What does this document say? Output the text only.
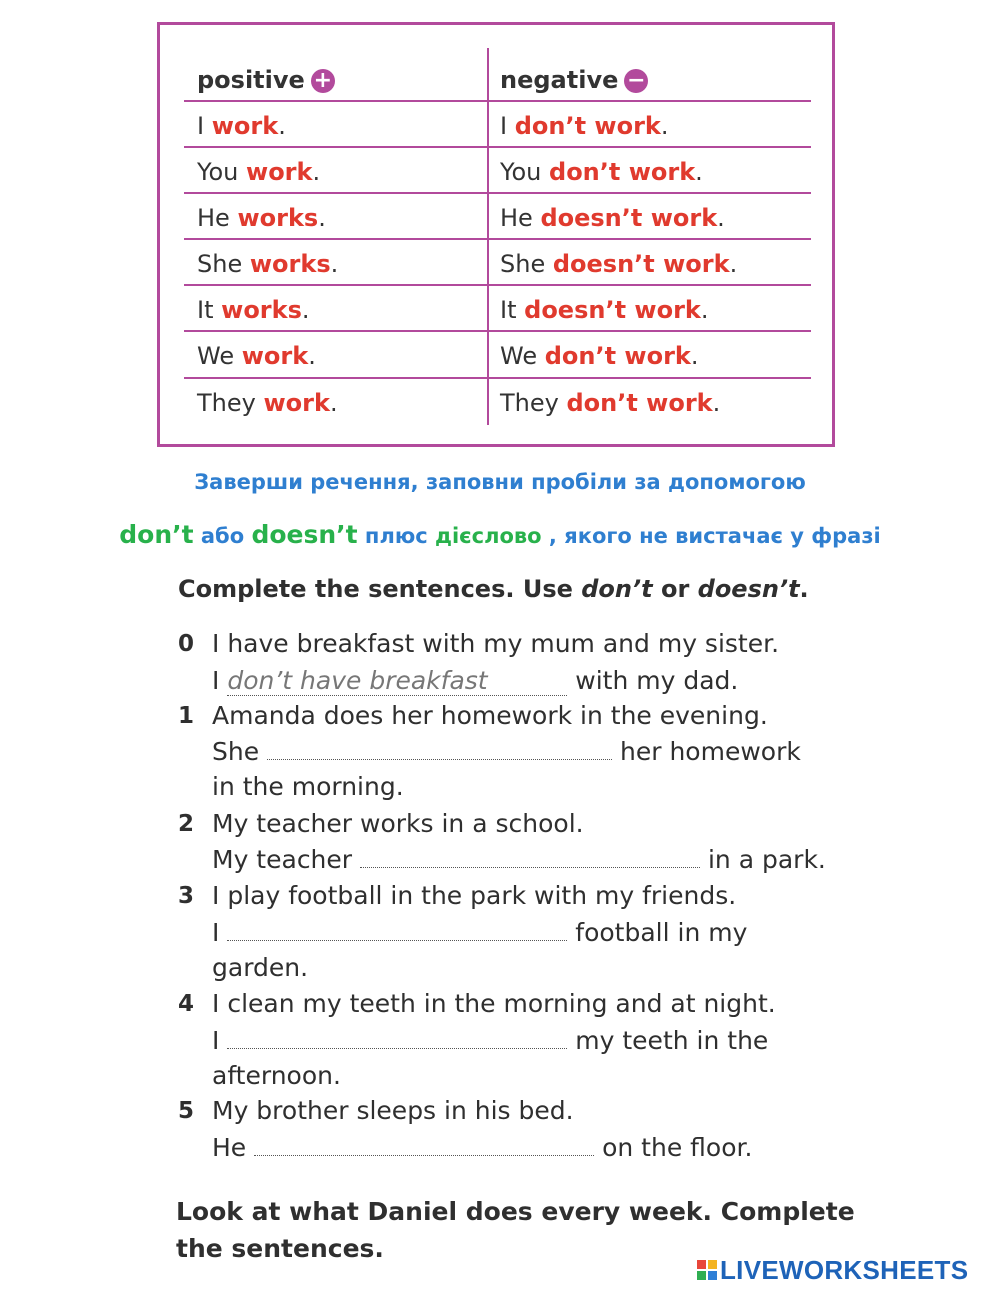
positive +	negative −
I work.	I don’t work.
You work.	You don’t work.
He works.	He doesn’t work.
She works.	She doesn’t work.
It works.	It doesn’t work.
We work.	We don’t work.
They work.	They don’t work.
Заверши речення, заповни пробіли за допомогою
don’t або doesn’t плюс дієслово , якого не вистачає у фразі
Complete the sentences. Use don’t or doesn’t.
0 I have breakfast with my mum and my sister.
I don’t have breakfast	with my dad.
1 Amanda does her homework in the evening.
She	her homework
in the morning.
2 My teacher works in a school.
My teacher	in a park.
3 I play football in the park with my friends.
I	football in my
garden.
4 I clean my teeth in the morning and at night.
I	my teeth in the
afternoon.
5 My brother sleeps in his bed.
He	on the floor.
Look at what Daniel does every week. Complete
the sentences.
LIVEWORKSHEETS
